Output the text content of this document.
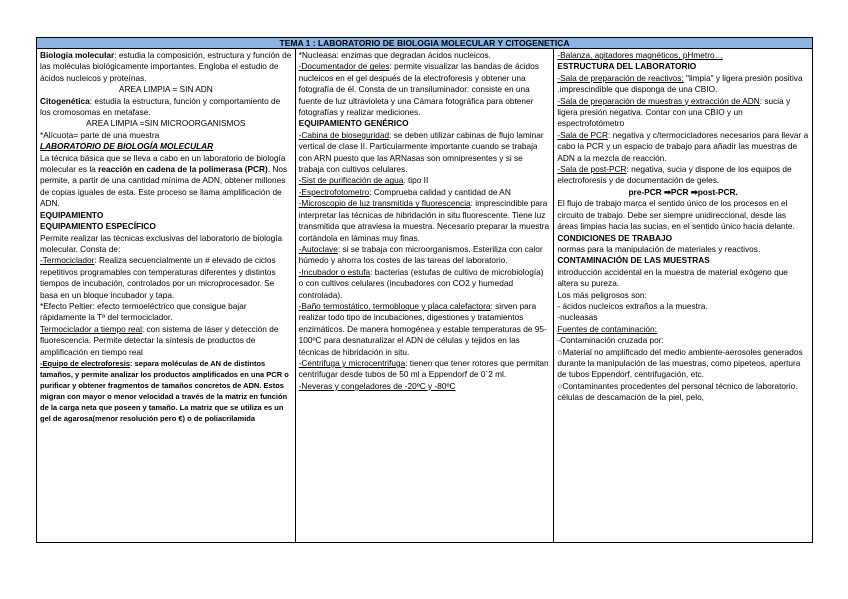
TEMA 1 : LABORATORIO DE BIOLOGIA MOLECULAR Y CITOGENETICA

Biología molecular: estudia la composición, estructura y función de las moléculas biológicamente importantes. Engloba el estudio de ácidos nucleicos y proteínas.

AREA LIMPIA = SIN ADN

Citogenética: estudia la estructura, función y comportamiento de los cromosomas en metafase.

AREA LIMPIA =SIN MICROORGANISMOS

*Alícuota= parte de una muestra

LABORATORIO DE BIOLOGÍA MOLECULAR

La técnica básica que se lleva a cabo en un laboratorio de biología molecular es la reacción en cadena de la polimerasa (PCR). Nos permite, a partir de una cantidad mínima de ADN, obtener millones de copias iguales de esta. Este proceso se llama amplificación de ADN.

EQUIPAMIENTO

EQUIPAMIENTO ESPECÍFICO

Permite realizar las técnicas exclusivas del laboratorio de biología molecular. Consta de:

-Termociclador: Realiza secuencialmente un # elevado de ciclos repetitivos programables con temperaturas diferentes y distintos tiempos de incubación, controlados por un microprocesador. Se basa en un bloque incubador y tapa.

*Efecto Peltier: efecto termoeléctrico que consigue bajar rápidamente la Tª del termociclador.

Termociclador a tiempo real: con sistema de láser y detección de fluorescencia. Permite detectar la síntesis de productos de amplificación en tiempo real

-Equipo de electroforesis: separa moléculas de AN de distintos tamaños, y permite analizar los productos amplificados en una PCR o purificar y obtener fragmentos de tamaños concretos de ADN. Estos migran con mayor o menor velocidad a través de la matriz en función de la carga neta que poseen y tamaño. La matriz que se utiliza es un gel de agarosa(menor resolución pero €) o de poliacrilamida

*Nucleasa: enzimas que degradan ácidos nucleicos.

-Documentador de geles: permite visualizar las bandas de ácidos nucleicos en el gel después de la electroforesis y obtener una fotografía de él. Consta de un transiluminador: consiste en una fuente de luz ultravioleta y una Cámara fotográfica para obtener fotografías y realizar mediciones.

EQUIPAMIENTO GENÉRICO

-Cabina de bioseguridad: se deben utilizar cabinas de flujo laminar vertical de clase II. Particularmente importante cuando se trabaja con ARN puesto que las ARNasas son omnipresentes y si se trabaja con cultivos celulares.

-Sist de purificación de agua. tipo II

-Espectrofotometro: Comprueba calidad y cantidad de AN

-Microscopio de luz transmitida y fluorescencia: imprescindible para interpretar las técnicas de hibridación in situ fluorescente. Tiene luz transmitida que atraviesa la muestra. Necesario preparar la muestra cortándola en láminas muy finas.

-Autoclave: si se trabaja con microorganismos. Esteriliza con calor húmedo y ahorra los costes de las tareas del laboratorio.

-Incubador o estufa: bacterias (estufas de cultivo de microbiología) o con cultivos celulares (incubadores con CO2 y humedad controlada).

-Baño termostático, termobloque y placa calefactora: sirven para realizar todo tipo de incubaciones, digestiones y tratamientos enzimáticos. De manera homogénea y estable temperaturas de 95-100ºC para desnaturalizar el ADN de células y tejidos en las técnicas de hibridación in situ.

-Centrifuga y microcentrifuga: tienen que tener rotores que permitan centrifugar desde tubos de 50 ml a Eppendorf de 0´2 ml.

-Neveras y congeladores de -20ºC y -80ºC

-Balanza, agitadores magnéticos, pHmetro…

ESTRUCTURA DEL LABORATORIO

-Sala de preparación de reactivos: "limpia" y ligera presión positiva .imprescindible que disponga de una CBIO.

-Sala de preparación de muestras y extracción de ADN: sucia y ligera presión negativa. Contar con una CBIO y un espectrofotómetro

-Sala de PCR: negativa y c/termocicladores necesarios para llevar a cabo la PCR y un espacio de trabajo para añadir las muestras de ADN a la mezcla de reacción.

-Sala de post-PCR: negativa, sucia y dispone de los equipos de electroforesis y de documentación de geles.

pre-PCR ➡PCR ➡post-PCR.

El flujo de trabajo marca el sentido único de los procesos en el circuito de trabajo. Debe ser siempre unidireccional, desde las áreas limpias hacia las sucias, en el sentido único hacia delante.

CONDICIONES DE TRABAJO

normas para la manipulación de materiales y reactivos.

CONTAMINACIÓN DE LAS MUESTRAS

introducción accidental en la muestra de material exógeno que altera su pureza.

Los más peligrosos son:

- ácidos nucleicos extraños a la muestra.

-nucleasas

Fuentes de contaminación:

-Contaminación cruzada por:

○Material no amplificado del medio ambiente-aerosoles generados durante la manipulación de las muestras, como pipeteos, apertura de tubos Eppendorf, centrifugación, etc.

○Contaminantes procedentes del personal técnico de laboratorio. células de descamación de la piel, pelo,
